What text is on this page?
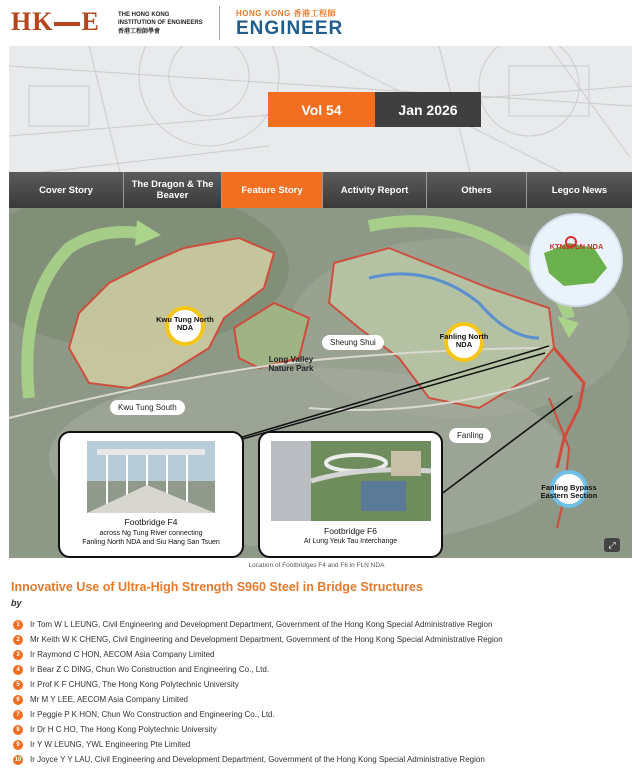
HK E	THE HONG KONG
INSTITUTION OF ENGINEERS
香港工程師學會
HONG KONG 香港工程師
ENGINEER
Vol 54	Jan 2026
Cover Story	The Dragon & The Beaver	Feature Story	Activity Report	Others	Legco News
Kwu Tung North NDA
Long Valley Nature Park
Sheung Shui
Fanling North NDA
Kwu Tung South
Fanling
Fanling Bypass Eastern Section
KTN&FLN NDA
Footbridge F4
across Ng Tung River connecting
Fanling North NDA and Siu Hang San Tsuen
Footbridge F6
At Lung Yeuk Tau Interchange	⤢
Location of Footbridges F4 and F6 in FLN NDA
Innovative Use of Ultra-High Strength S960 Steel in Bridge Structures
by
1	Ir Tom W L LEUNG, Civil Engineering and Development Department, Government of the Hong Kong Special Administrative Region
2	Mr Keith W K CHENG, Civil Engineering and Development Department, Government of the Hong Kong Special Administrative Region
3	Ir Raymond C HON, AECOM Asia Company Limited
4	Ir Bear Z C DING, Chun Wo Construction and Engineering Co., Ltd.
5	Ir Prof K F CHUNG, The Hong Kong Polytechnic University
6	Mr M Y LEE, AECOM Asia Company Limited
7	Ir Peggie P K HON, Chun Wo Construction and Engineering Co., Ltd.
8	Ir Dr H C HO, The Hong Kong Polytechnic University
9	Ir Y W LEUNG, YWL Engineering Pte Limited
10 Ir Joyce Y Y LAU, Civil Engineering and Development Department, Government of the Hong Kong Special Administrative Region
